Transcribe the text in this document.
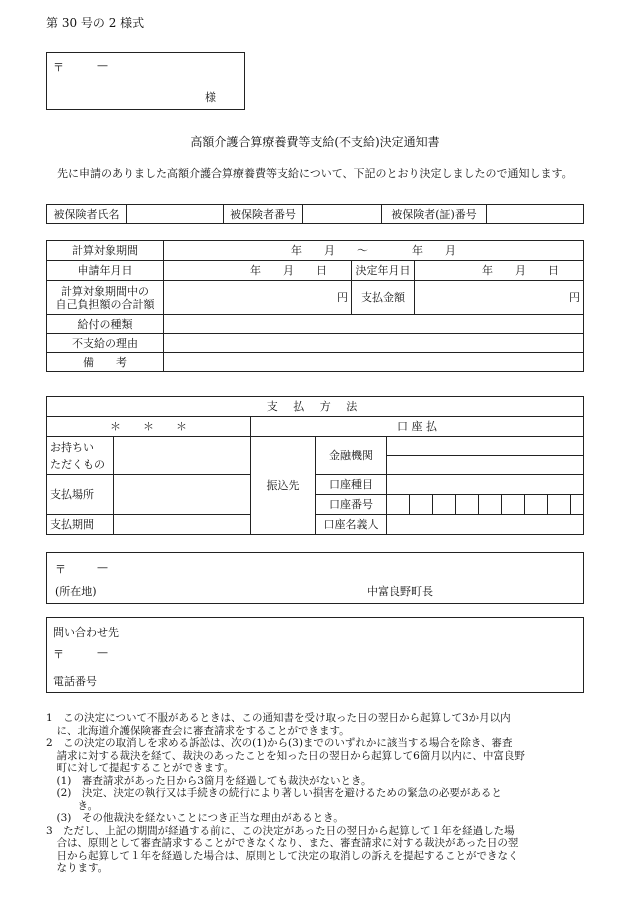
第 30 号の 2 様式
〒	—
様
高額介護合算療養費等支給(不支給)決定通知書
先に申請のありました高額介護合算療養費等支給について、下記のとおり決定しましたので通知します。
被保険者氏名		被保険者番号		被保険者(証)番号	
計算対象期間	年　　月　　～　　　　年　　月		
申請年月日	年　　月　　日	決定年月日	年　　月　　日

計算対象期間中の
自己負担額の合計額	円	支払金額	円
給付の種類			
不支給の理由			
備　　考			
支 払 方 法												
＊　　＊　　＊		口 座 払										

お持ちい
ただくもの		振込先	金融機関									

支払場所			口座種目									
			口座番号									
支払期間			口座名義人									
〒	—
(所在地)	中富良野町長
問い合わせ先
〒	—
電話番号
1　この決定について不服があるときは、この通知書を受け取った日の翌日から起算して3か月以内
　に、北海道介護保険審査会に審査請求をすることができます。
2　この決定の取消しを求める訴訟は、次の(1)から(3)までのいずれかに該当する場合を除き、審査
　請求に対する裁決を経て、裁決のあったことを知った日の翌日から起算して6箇月以内に、中富良野
　町に対して提起することができます。
　(1)　審査請求があった日から3箇月を経過しても裁決がないとき。
　(2)　決定、決定の執行又は手続きの続行により著しい損害を避けるための緊急の必要があると
　　　き。
　(3)　その他裁決を経ないことにつき正当な理由があるとき。
3　ただし、上記の期間が経過する前に、この決定があった日の翌日から起算して１年を経過した場
　合は、原則として審査請求することができなくなり、また、審査請求に対する裁決があった日の翌
　日から起算して１年を経過した場合は、原則として決定の取消しの訴えを提起することができなく
　なります。
